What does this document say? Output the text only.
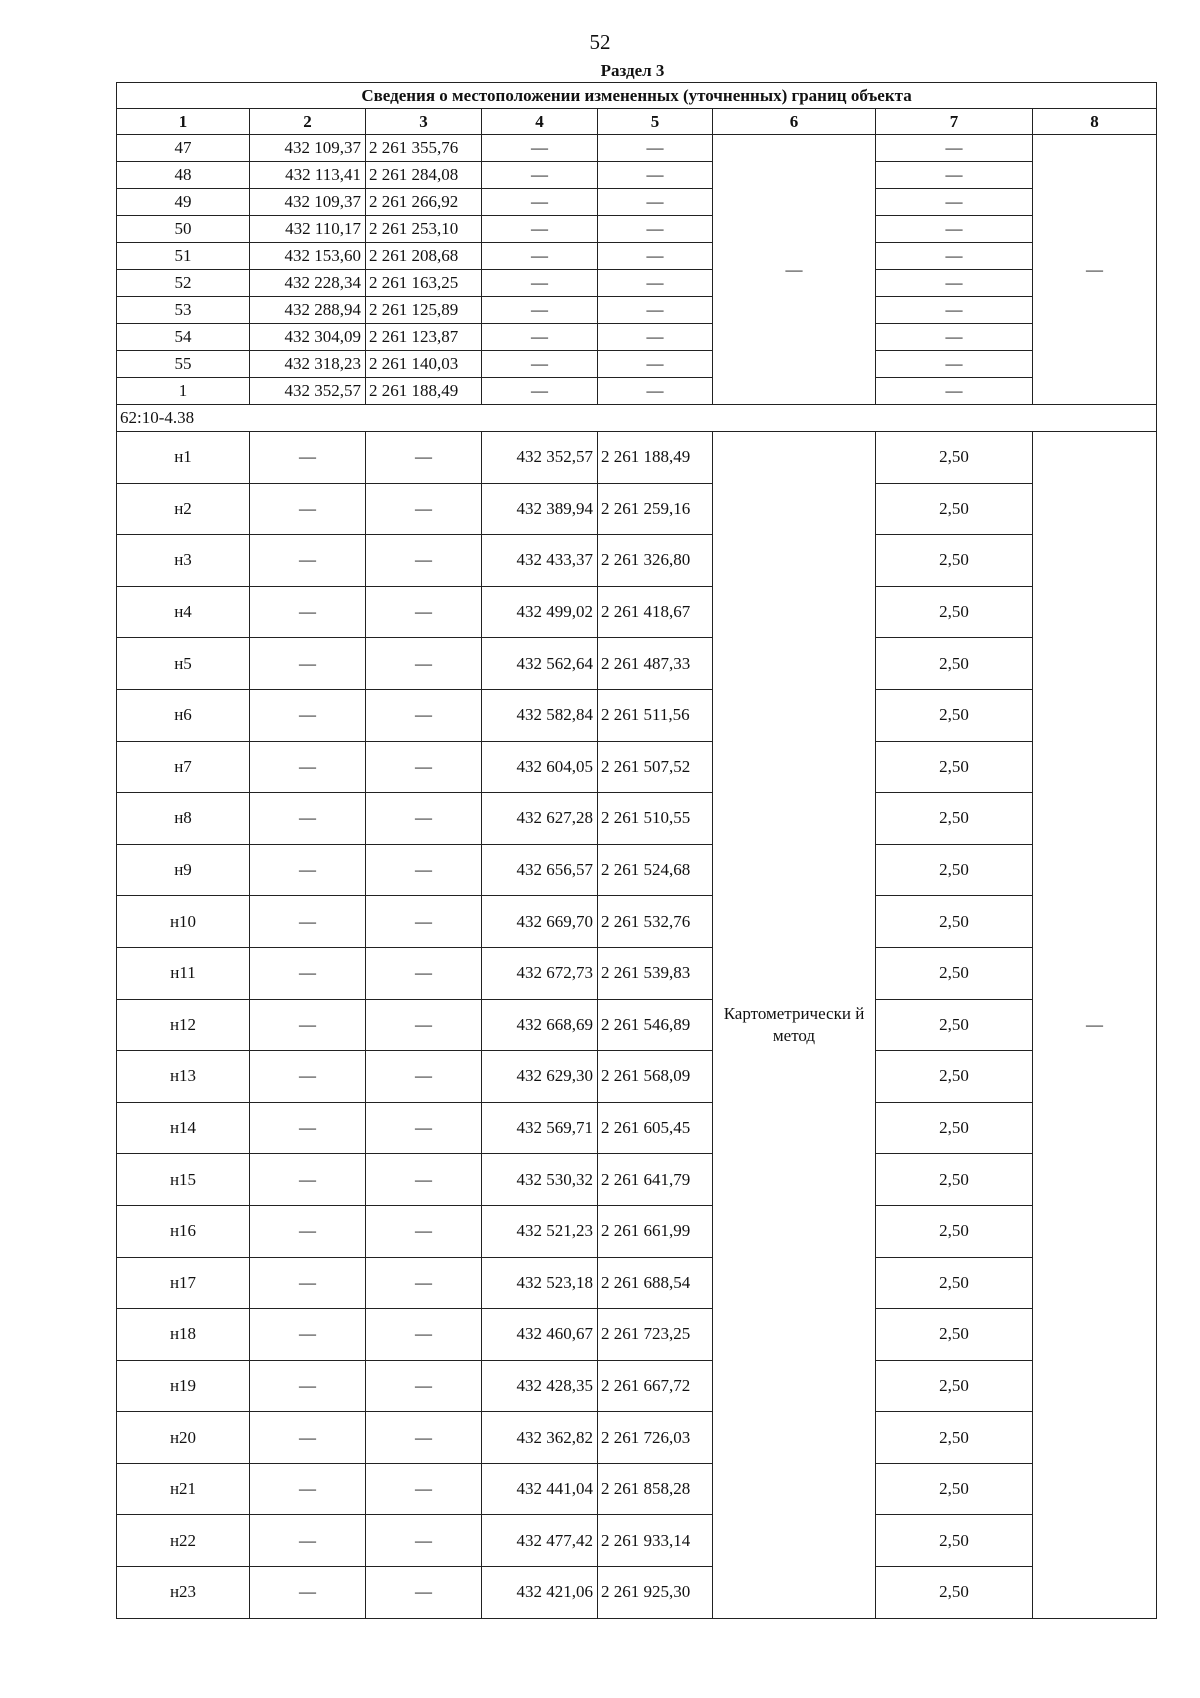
52
Раздел 3
Сведения о местоположении измененных (уточненных) границ объекта							
1	2	3	4	5	6	7	8
47	432 109,37	2 261 355,76	—	—	—	—	—
48	432 113,41	2 261 284,08	—	—		—	
49	432 109,37	2 261 266,92	—	—		—	
50	432 110,17	2 261 253,10	—	—		—	
51	432 153,60	2 261 208,68	—	—		—	
52	432 228,34	2 261 163,25	—	—		—	
53	432 288,94	2 261 125,89	—	—		—	
54	432 304,09	2 261 123,87	—	—		—	
55	432 318,23	2 261 140,03	—	—		—	
1	432 352,57	2 261 188,49	—	—		—	
62:10-4.38							
н1	—	—	432 352,57	2 261 188,49	Картометрически й метод	2,50	—
н2	—	—	432 389,94	2 261 259,16		2,50	
н3	—	—	432 433,37	2 261 326,80		2,50	
н4	—	—	432 499,02	2 261 418,67		2,50	
н5	—	—	432 562,64	2 261 487,33		2,50	
н6	—	—	432 582,84	2 261 511,56		2,50	
н7	—	—	432 604,05	2 261 507,52		2,50	
н8	—	—	432 627,28	2 261 510,55		2,50	
н9	—	—	432 656,57	2 261 524,68		2,50	
н10	—	—	432 669,70	2 261 532,76		2,50	
н11	—	—	432 672,73	2 261 539,83		2,50	
н12	—	—	432 668,69	2 261 546,89		2,50	
н13	—	—	432 629,30	2 261 568,09		2,50	
н14	—	—	432 569,71	2 261 605,45		2,50	
н15	—	—	432 530,32	2 261 641,79		2,50	
н16	—	—	432 521,23	2 261 661,99		2,50	
н17	—	—	432 523,18	2 261 688,54		2,50	
н18	—	—	432 460,67	2 261 723,25		2,50	
н19	—	—	432 428,35	2 261 667,72		2,50	
н20	—	—	432 362,82	2 261 726,03		2,50	
н21	—	—	432 441,04	2 261 858,28		2,50	
н22	—	—	432 477,42	2 261 933,14		2,50	
н23	—	—	432 421,06	2 261 925,30		2,50	
